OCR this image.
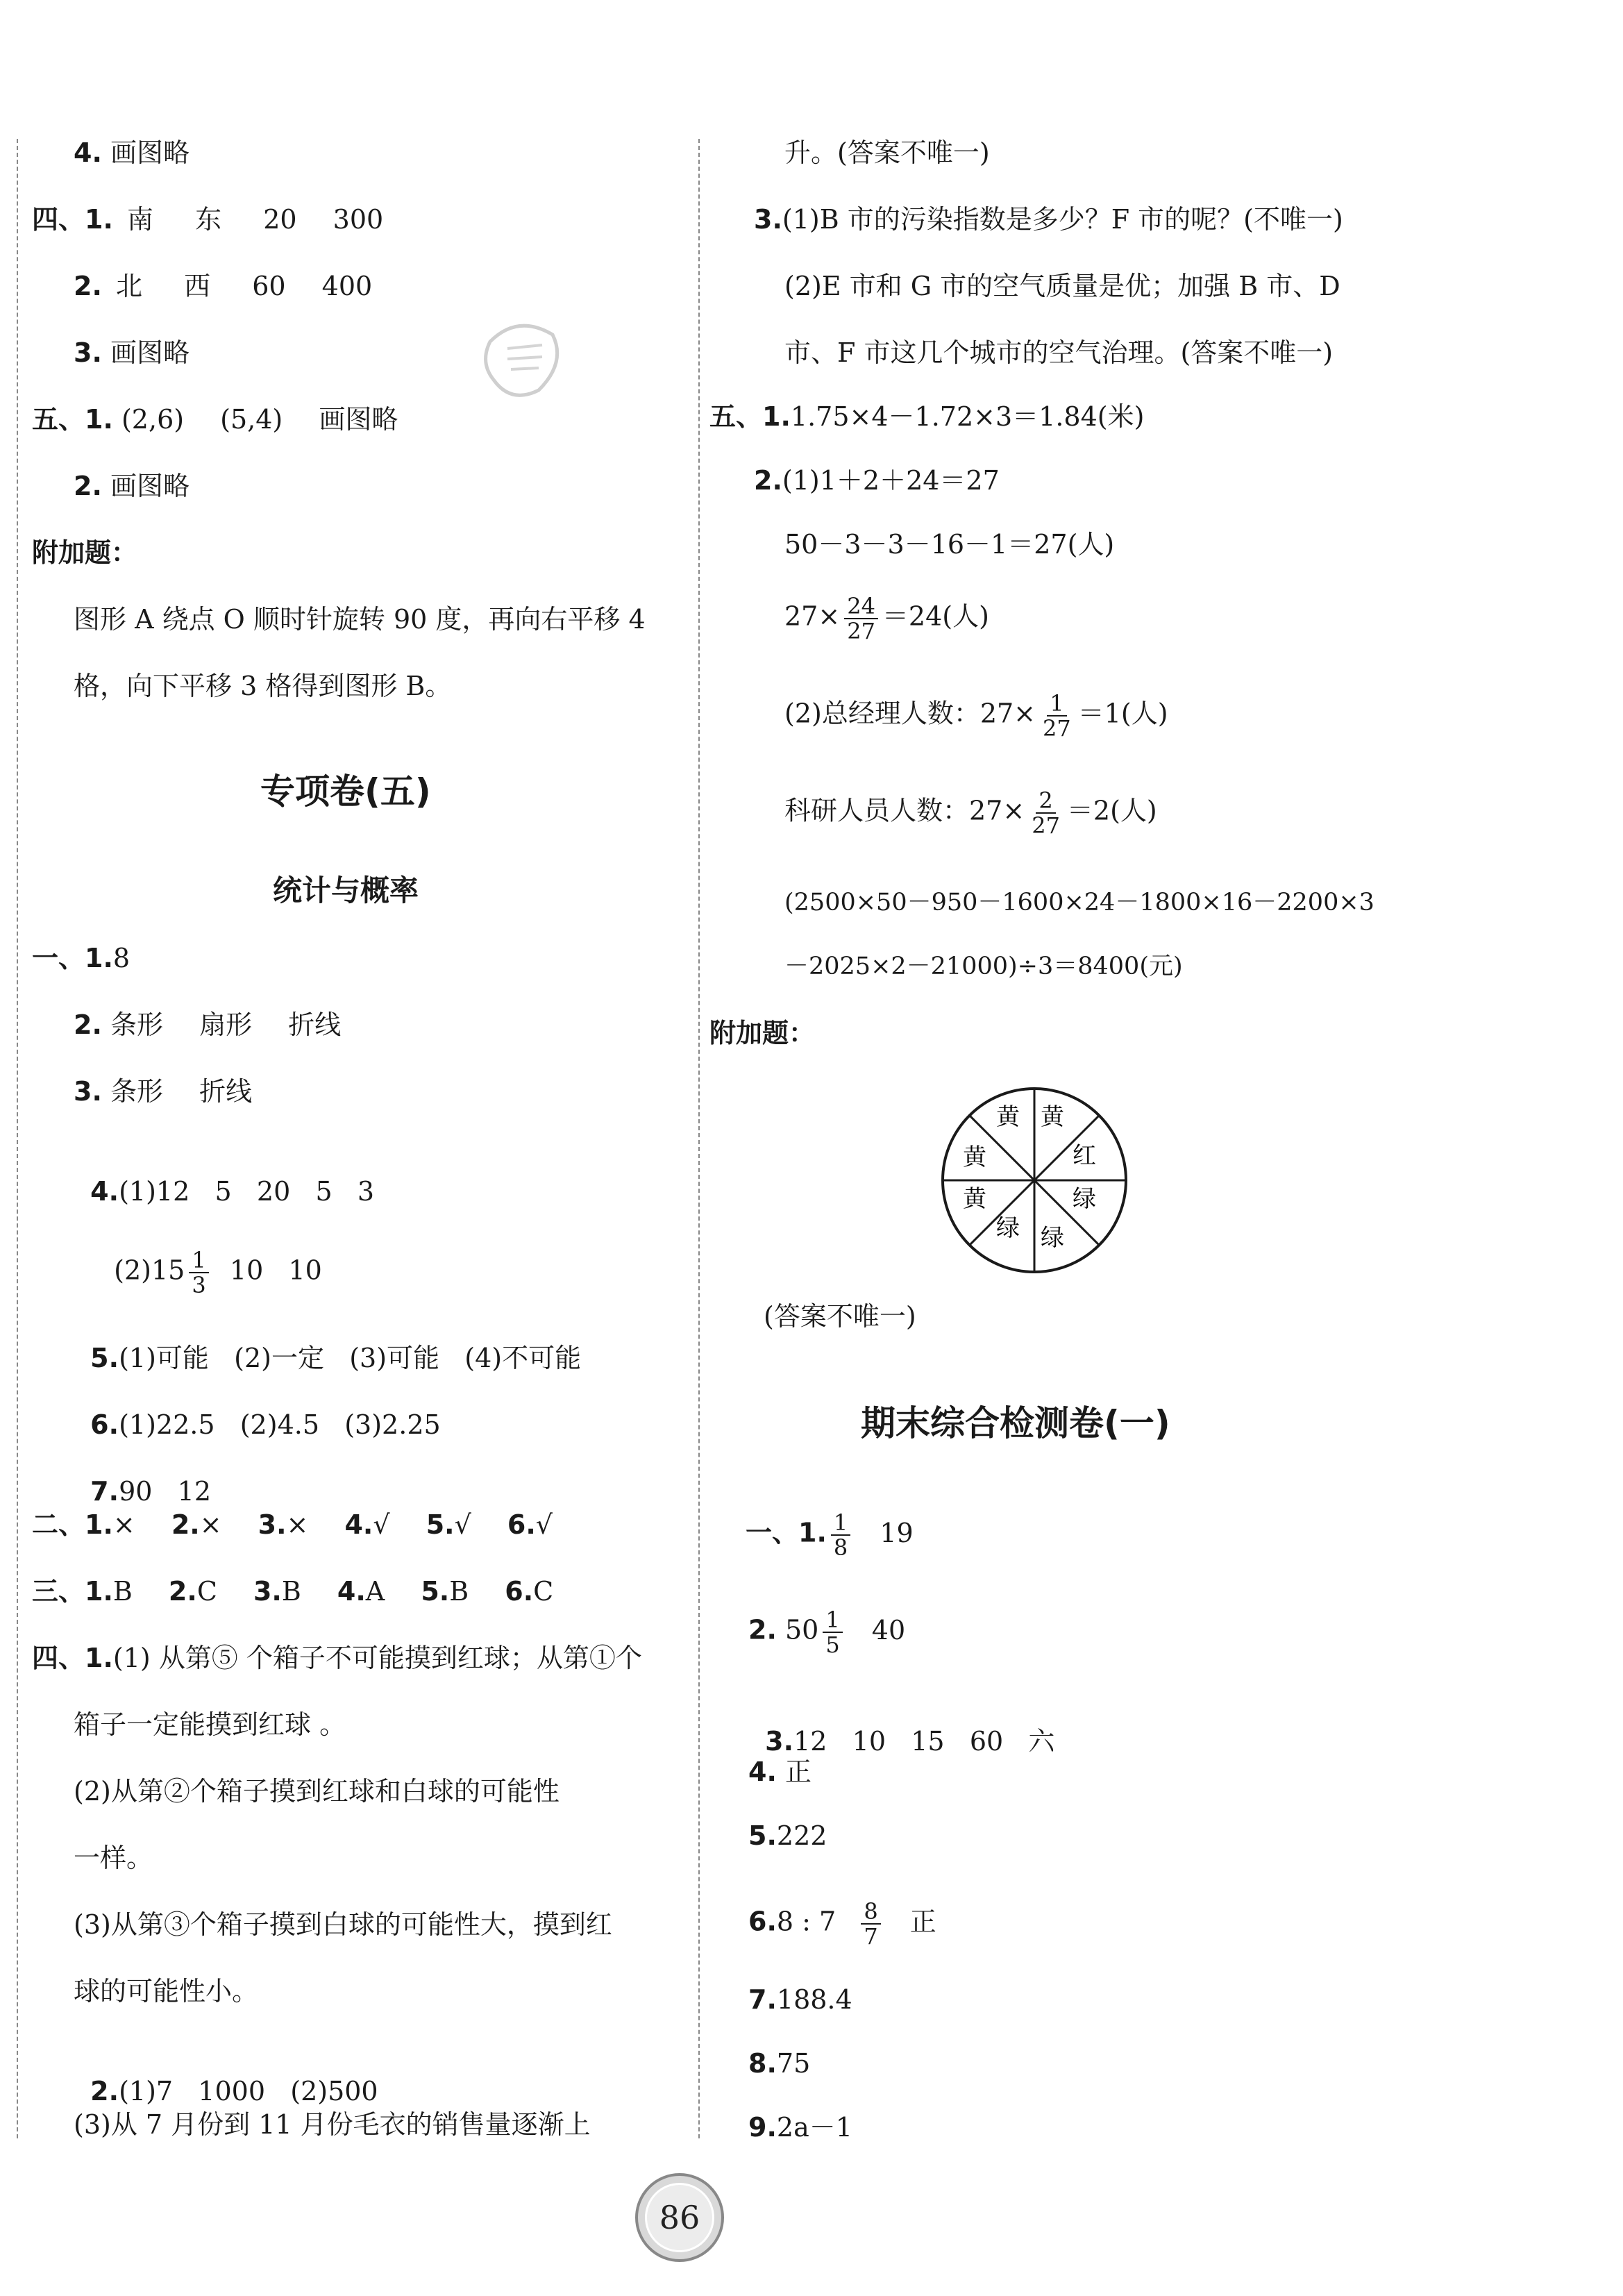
4. 画图略
四、1. 南 东 20 300
2. 北 西 60 400
3. 画图略
五、1. (2,6) (5,4) 画图略
2. 画图略
附加题：
图形 A 绕点 O 顺时针旋转 90 度，再向右平移 4
格，向下平移 3 格得到图形 B。
专项卷(五)
统计与概率
一、1.8
2. 条形 扇形 折线
3. 条形 折线

4.(1)12   5   20   5   3

$(2)15 \frac{1}{3} 10$   10

5.(1)可能   (2)一定   (3)可能   (4)不可能

6.(1)22.5   (2)4.5   (3)2.25

7.90   12

二、1.× 2.× 3.× 4.√ 5.√ 6.√
三、1.B 2.C 3.B 4.A 5.B 6.C
四、1.(1) 从第⑤ 个箱子不可能摸到红球；从第①个
箱子一定能摸到红球 。
(2)从第②个箱子摸到红球和白球的可能性
一样。
(3)从第③个箱子摸到白球的可能性大，摸到红
球的可能性小。

2.(1)7   1000   (2)500

(3)从 7 月份到 11 月份毛衣的销售量逐渐上
升。(答案不唯一)
3.(1)B 市的污染指数是多少？F 市的呢？(不唯一)
(2)E 市和 G 市的空气质量是优；加强 B 市、D
市、F 市这几个城市的空气治理。(答案不唯一)
五、1.1.75×4－1.72×3＝1.84(米)
2.(1)1＋2＋24＝27
50－3－3－16－1＝27(人)
$27\times \frac{24}{27} =24$(人)
(2)总经理人数：$27\times \frac{1}{27} =1$(人)
科研人员人数：$27\times \frac{2}{27} =2$(人)
(2500×50－950－1600×24－1800×16－2200×3
－2025×2－21000)÷3＝8400(元)
附加题：
黄 黄
红
绿
绿
绿
黄
黄
(答案不唯一)
期末综合检测卷(一)
一、1. $\frac{1}{8} 19$
2. $50 \frac{1}{5} 40$

3.12   10   15   60   六

4. 正
5.222
6.8 : $7 \frac{8}{7}$ 正
7.188.4
8.75
9.2a－1
86
